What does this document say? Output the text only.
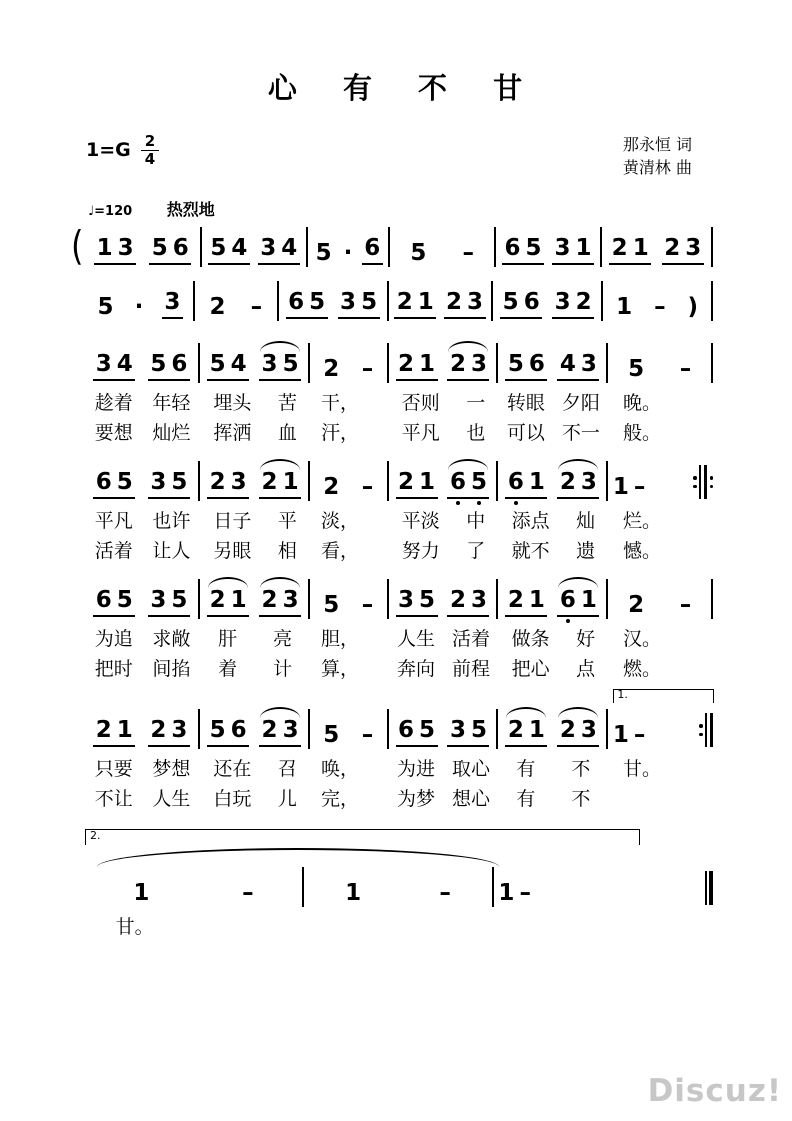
心 有 不 甘
$1=G \frac{2}{4}$	那永恒 词
黄清林 曲
♩=120 热烈地
( 1 3 5 6 5 4 3 4 5 · 6 5 – 6 5 3 1 2 1 2 3
5 · 3 2 – 6 5 3 5 2 1 2 3 5 6 3 2 1 – )
3 4 5 6
趁着 年轻
要想 灿烂
5 4 3 5
埋头 苦
挥洒 血
2 –
干，
汗，
2 1 2 3
否则 一
平凡 也
5 6 4 3
转眼 夕阳
可以 不一
5 –
晚。
般。
6 5 3 5
平凡 也许
活着 让人
2 3 2 1
日子 平
另眼 相
2 –
淡，
看，
2 1 6 5
平淡 中
努力 了
6 1 2 3
添点 灿
就不 遗
1 –
烂。
憾。
6 5 3 5
为追 求敞
把时 间掐
2 1 2 3
肝 亮
着 计
5 –
胆，
算，
3 5 2 3
人生 活着
奔向 前程
2 1 6 1
做条 好
把心 点
2 –
汉。
燃。
2 1 2 3
只要 梦想
不让 人生
5 6 2 3
还在 召
白玩 儿
5 –
唤，
完，
6 5 3 5
为进 取心
为梦 想心
2 1 2 3
有 不
有 不
1.
1 –
甘。
2.
1	–
甘。
1	– 1 –
Discuz!
